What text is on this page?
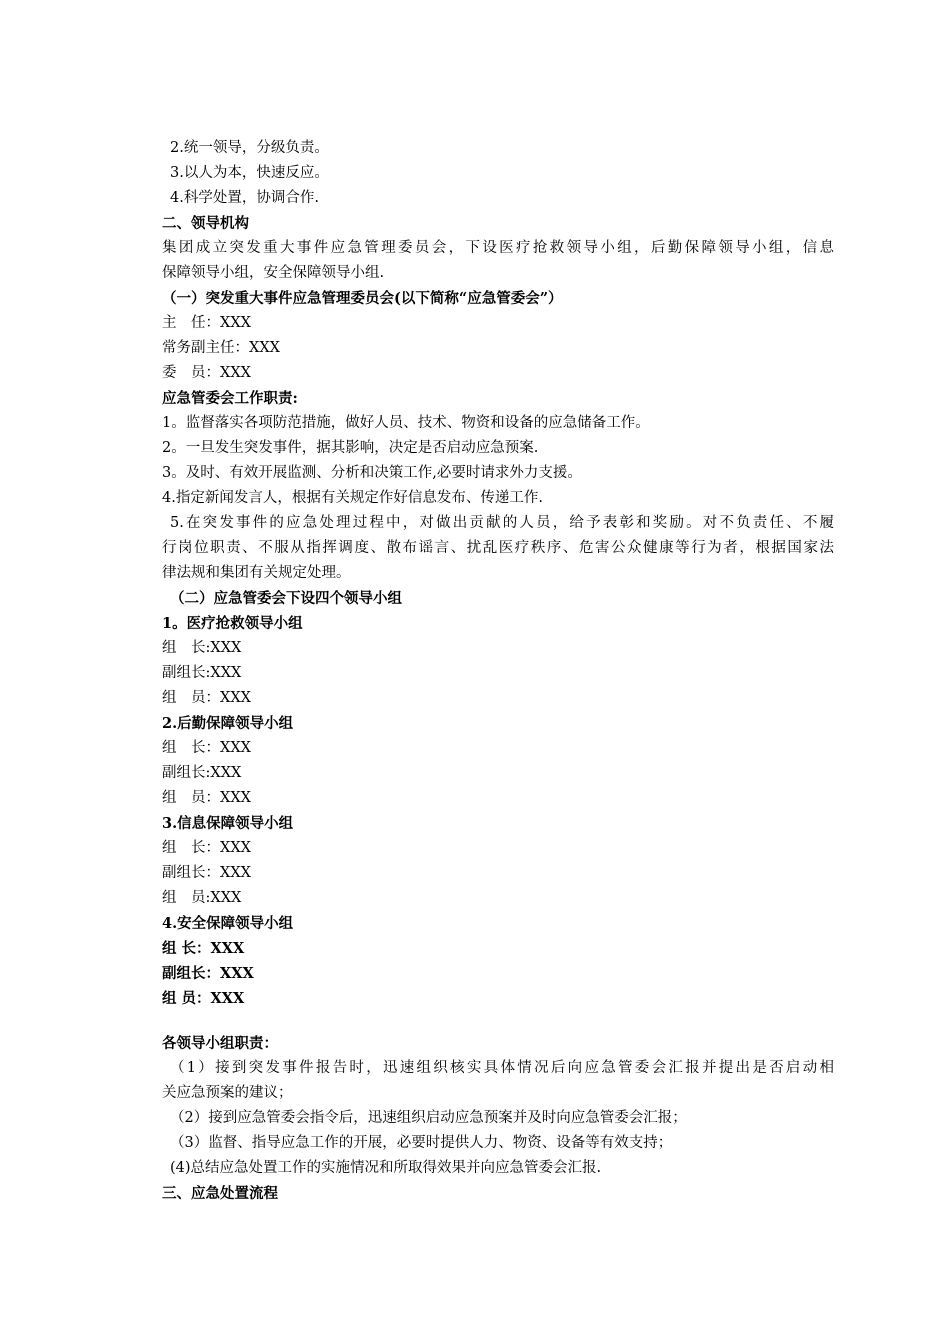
2.统一领导，分级负责。
3.以人为本，快速反应。
4.科学处置，协调合作.
二、领导机构
集团成立突发重大事件应急管理委员会，下设医疗抢救领导小组，后勤保障领导小组，信息
保障领导小组，安全保障领导小组.
（一）突发重大事件应急管理委员会(以下简称“应急管委会”）
主　任：XXX
常务副主任：XXX
委　员：XXX
应急管委会工作职责:
1。监督落实各项防范措施，做好人员、技术、物资和设备的应急储备工作。
2。一旦发生突发事件，据其影响，决定是否启动应急预案.
3。及时、有效开展监测、分析和决策工作,必要时请求外力支援。
4.指定新闻发言人，根据有关规定作好信息发布、传递工作.
5.在突发事件的应急处理过程中，对做出贡献的人员，给予表彰和奖励。对不负责任、不履
行岗位职责、不服从指挥调度、散布谣言、扰乱医疗秩序、危害公众健康等行为者，根据国家法
律法规和集团有关规定处理。
（二）应急管委会下设四个领导小组
1。医疗抢救领导小组
组　长:XXX
副组长:XXX
组　员：XXX
2.后勤保障领导小组
组　长：XXX
副组长:XXX
组　员：XXX
3.信息保障领导小组
组　长：XXX
副组长：XXX
组　员:XXX
4.安全保障领导小组
组 长：XXX
副组长：XXX
组 员：XXX
各领导小组职责：
（1）接到突发事件报告时，迅速组织核实具体情况后向应急管委会汇报并提出是否启动相
关应急预案的建议；
（2）接到应急管委会指令后，迅速组织启动应急预案并及时向应急管委会汇报；
（3）监督、指导应急工作的开展，必要时提供人力、物资、设备等有效支持；
(4)总结应急处置工作的实施情况和所取得效果并向应急管委会汇报.
三、应急处置流程
